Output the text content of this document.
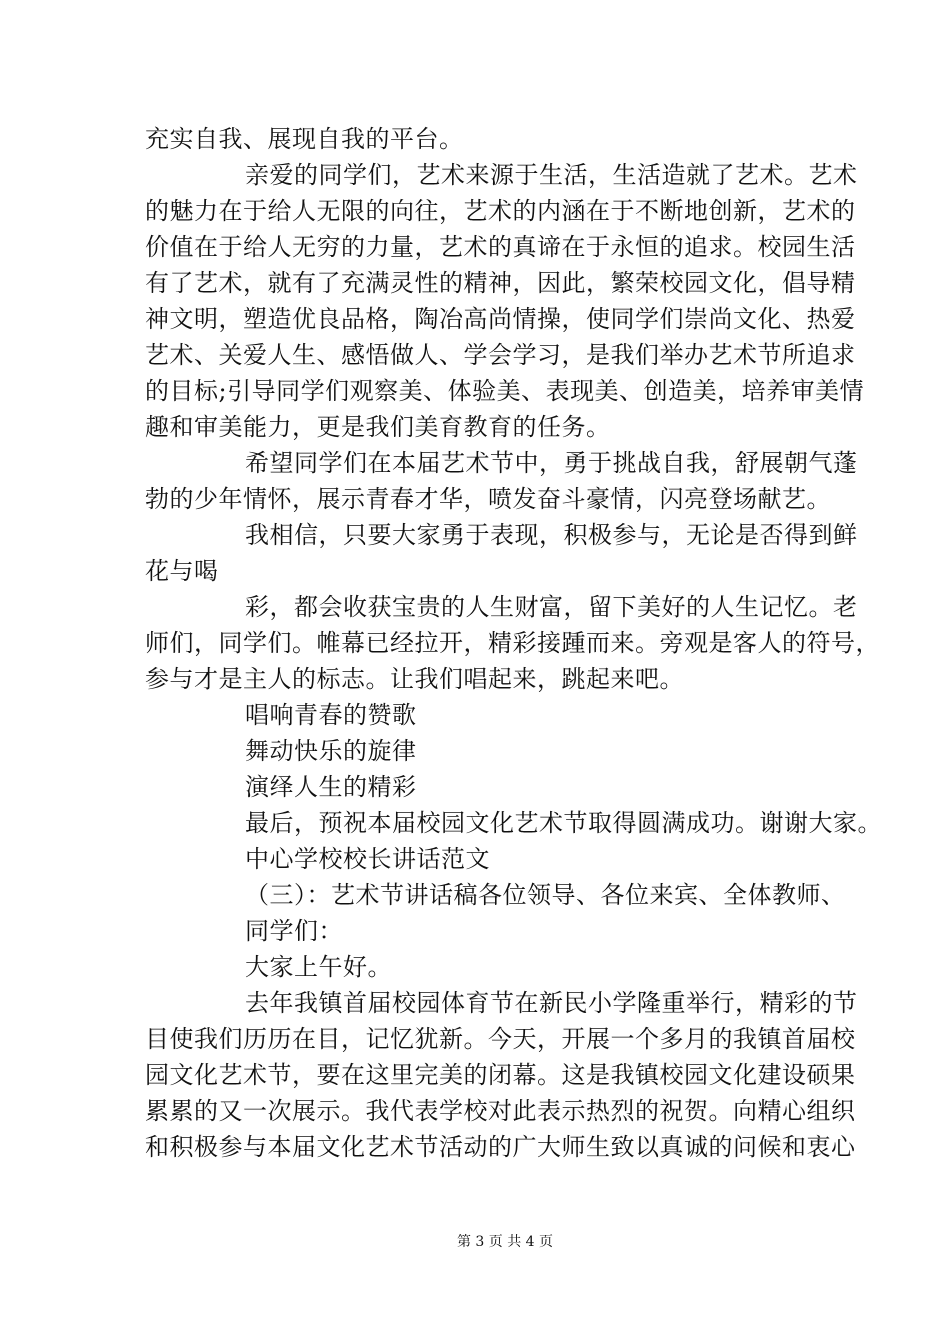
充实自我、展现自我的平台。
亲爱的同学们，艺术来源于生活，生活造就了艺术。艺术
的魅力在于给人无限的向往，艺术的内涵在于不断地创新，艺术的
价值在于给人无穷的力量，艺术的真谛在于永恒的追求。校园生活
有了艺术，就有了充满灵性的精神，因此，繁荣校园文化，倡导精
神文明，塑造优良品格，陶冶高尚情操，使同学们崇尚文化、热爱
艺术、关爱人生、感悟做人、学会学习，是我们举办艺术节所追求
的目标;引导同学们观察美、体验美、表现美、创造美，培养审美情
趣和审美能力，更是我们美育教育的任务。
希望同学们在本届艺术节中，勇于挑战自我，舒展朝气蓬
勃的少年情怀，展示青春才华，喷发奋斗豪情，闪亮登场献艺。
我相信，只要大家勇于表现，积极参与，无论是否得到鲜
花与喝
彩，都会收获宝贵的人生财富，留下美好的人生记忆。老
师们，同学们。帷幕已经拉开，精彩接踵而来。旁观是客人的符号，
参与才是主人的标志。让我们唱起来，跳起来吧。
唱响青春的赞歌
舞动快乐的旋律
演绎人生的精彩
最后，预祝本届校园文化艺术节取得圆满成功。谢谢大家。
中心学校校长讲话范文
（三）：艺术节讲话稿各位领导、各位来宾、全体教师、
同学们：
大家上午好。
去年我镇首届校园体育节在新民小学隆重举行，精彩的节
目使我们历历在目，记忆犹新。今天，开展一个多月的我镇首届校
园文化艺术节，要在这里完美的闭幕。这是我镇校园文化建设硕果
累累的又一次展示。我代表学校对此表示热烈的祝贺。向精心组织
和积极参与本届文化艺术节活动的广大师生致以真诚的问候和衷心
第 3 页 共 4 页
